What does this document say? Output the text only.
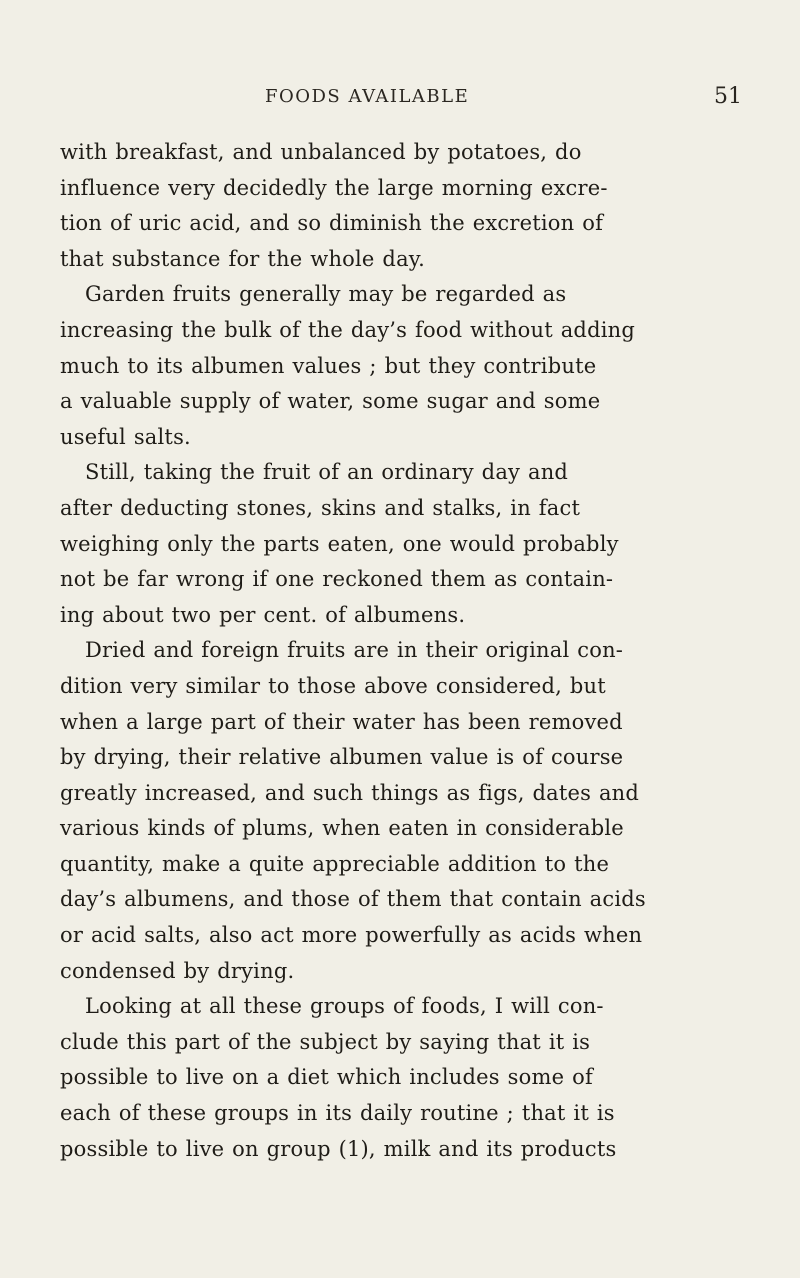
FOODS AVAILABLE	51
with breakfast, and unbalanced by potatoes, do
influence very decidedly the large morning excre-
tion of uric acid, and so diminish the excretion of
that substance for the whole day.
Garden fruits generally may be regarded as
increasing the bulk of the day’s food without adding
much to its albumen values ; but they contribute
a valuable supply of water, some sugar and some
useful salts.
Still, taking the fruit of an ordinary day and
after deducting stones, skins and stalks, in fact
weighing only the parts eaten, one would probably
not be far wrong if one reckoned them as contain-
ing about two per cent. of albumens.
Dried and foreign fruits are in their original con-
dition very similar to those above considered, but
when a large part of their water has been removed
by drying, their relative albumen value is of course
greatly increased, and such things as figs, dates and
various kinds of plums, when eaten in considerable
quantity, make a quite appreciable addition to the
day’s albumens, and those of them that contain acids
or acid salts, also act more powerfully as acids when
condensed by drying.
Looking at all these groups of foods, I will con-
clude this part of the subject by saying that it is
possible to live on a diet which includes some of
each of these groups in its daily routine ; that it is
possible to live on group (1), milk and its products
